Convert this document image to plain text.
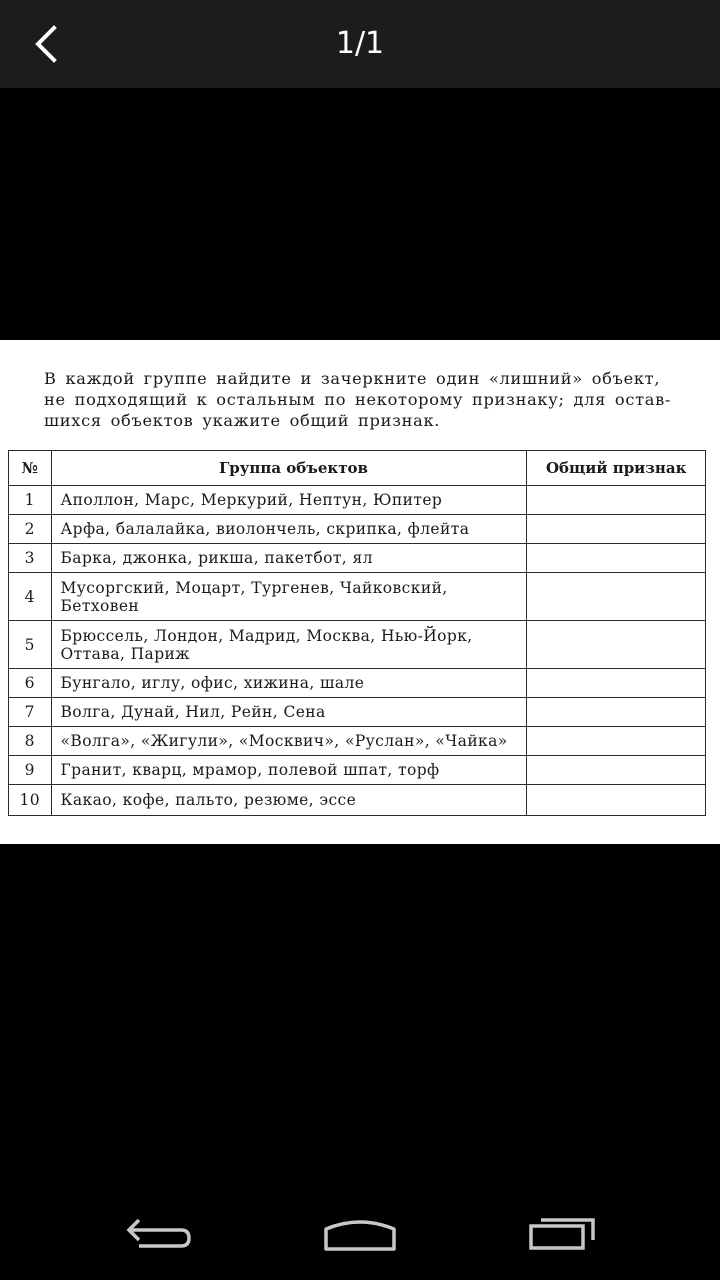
1/1
В каждой группе найдите и зачеркните один «лишний» объект,
не подходящий к остальным по некоторому признаку; для остав-
шихся объектов укажите общий признак.
№	Группа объектов	Общий признак
1	Аполлон, Марс, Меркурий, Нептун, Юпитер	
2	Арфа, балалайка, виолончель, скрипка, флейта	
3	Барка, джонка, рикша, пакетбот, ял	
4	Мусоргский, Моцарт, Тургенев, Чайковский, Бетховен	
5	Брюссель, Лондон, Мадрид, Москва, Нью-Йорк, Оттава, Париж	
6	Бунгало, иглу, офис, хижина, шале	
7	Волга, Дунай, Нил, Рейн, Сена	
8	«Волга», «Жигули», «Москвич», «Руслан», «Чайка»	
9	Гранит, кварц, мрамор, полевой шпат, торф	
10	Какао, кофе, пальто, резюме, эссе	
